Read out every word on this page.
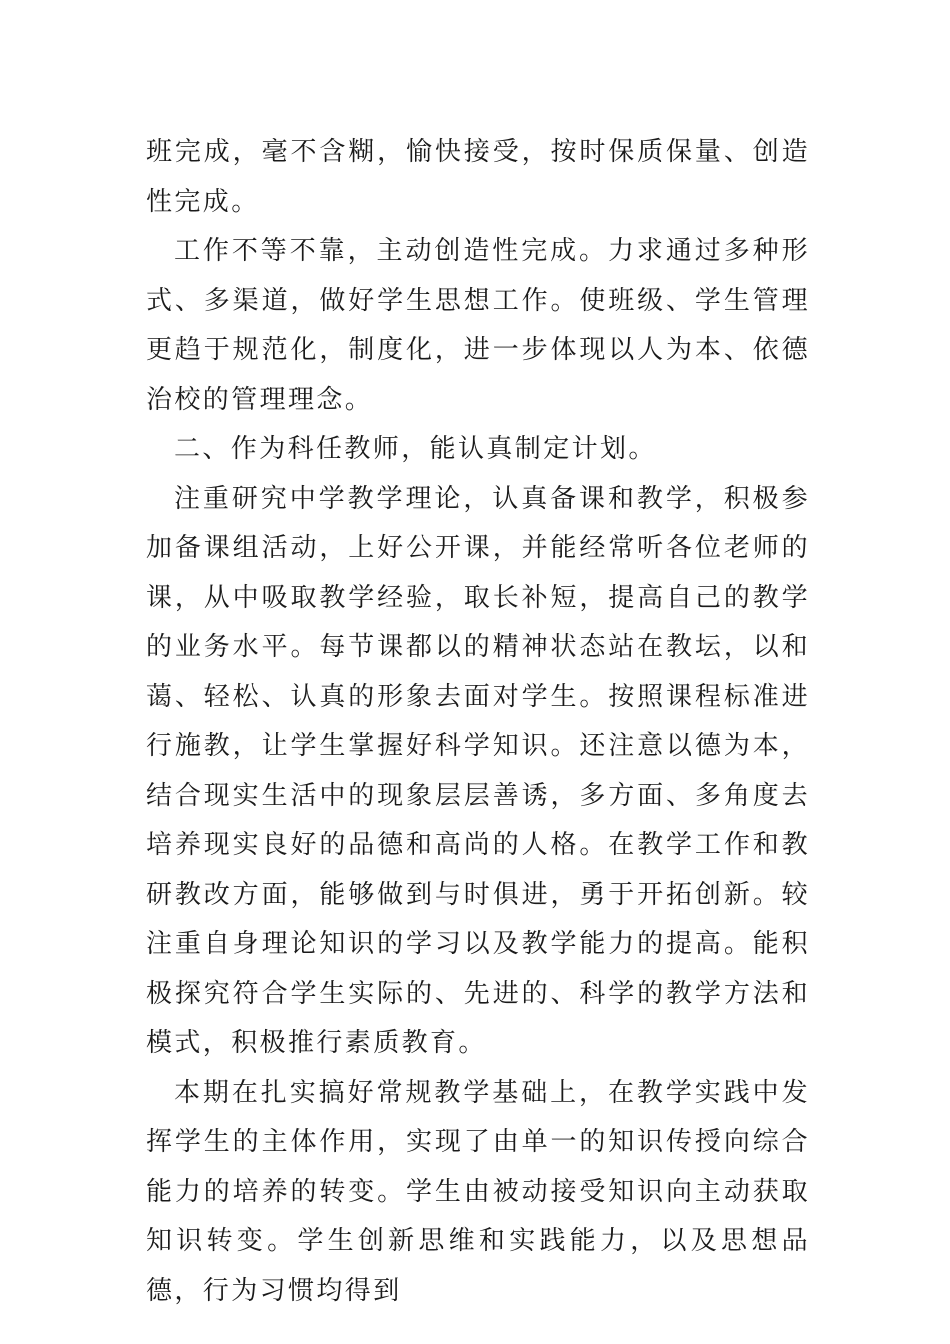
班完成，毫不含糊，愉快接受，按时保质保量、创造性完成。

工作不等不靠，主动创造性完成。力求通过多种形式、多渠道，做好学生思想工作。使班级、学生管理更趋于规范化，制度化，进一步体现以人为本、依德治校的管理理念。

二、作为科任教师，能认真制定计划。

注重研究中学教学理论，认真备课和教学，积极参加备课组活动，上好公开课，并能经常听各位老师的课，从中吸取教学经验，取长补短，提高自己的教学的业务水平。每节课都以的精神状态站在教坛，以和蔼、轻松、认真的形象去面对学生。按照课程标准进行施教，让学生掌握好科学知识。还注意以德为本，结合现实生活中的现象层层善诱，多方面、多角度去培养现实良好的品德和高尚的人格。在教学工作和教研教改方面，能够做到与时俱进，勇于开拓创新。较注重自身理论知识的学习以及教学能力的提高。能积极探究符合学生实际的、先进的、科学的教学方法和模式，积极推行素质教育。

本期在扎实搞好常规教学基础上，在教学实践中发挥学生的主体作用，实现了由单一的知识传授向综合能力的培养的转变。学生由被动接受知识向主动获取知识转变。学生创新思维和实践能力，以及思想品德，行为习惯均得到
